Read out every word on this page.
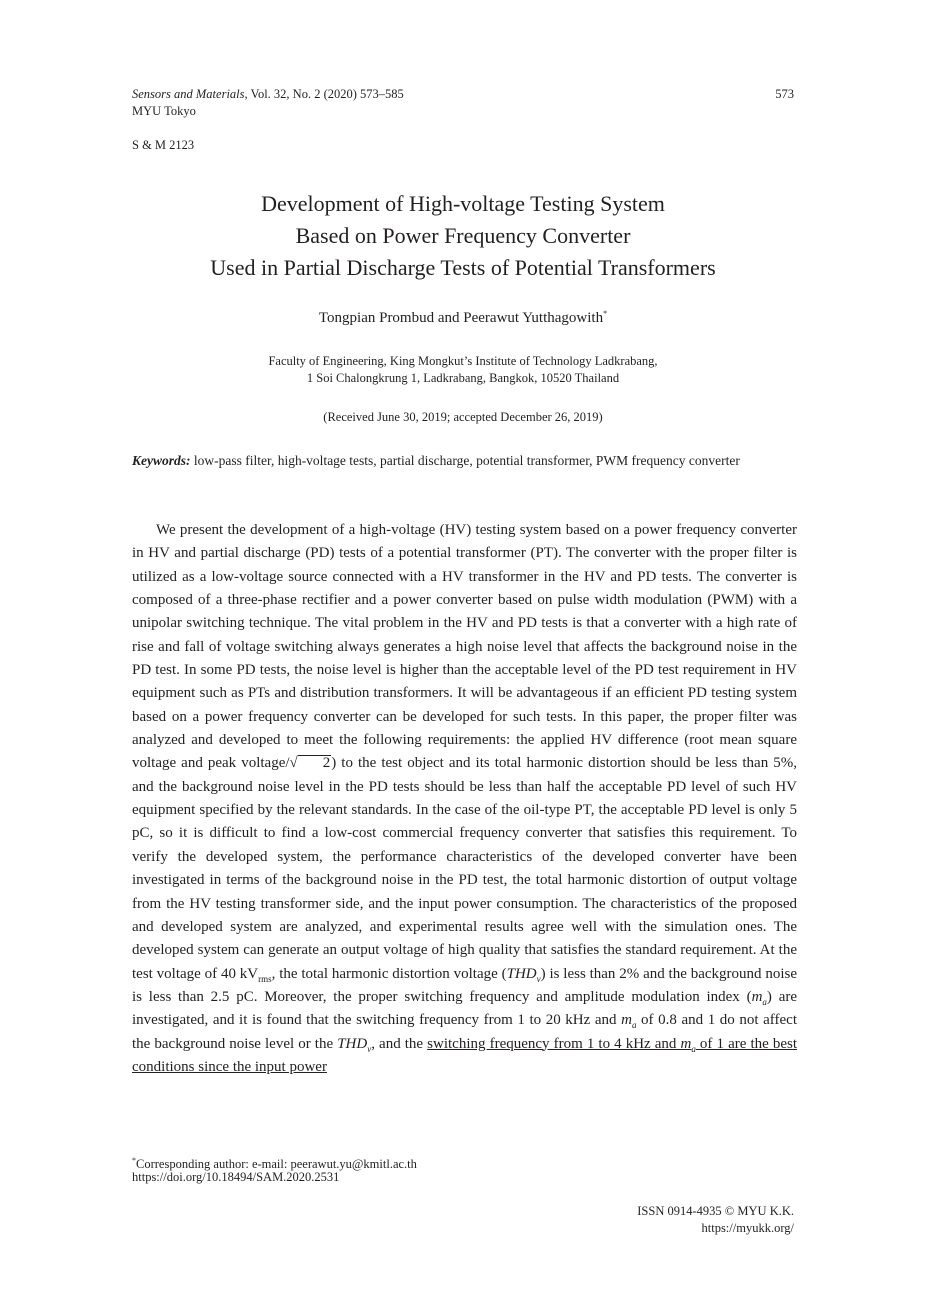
Sensors and Materials, Vol. 32, No. 2 (2020) 573–585	573
MYU Tokyo
S & M 2123
Development of High-voltage Testing System
Based on Power Frequency Converter
Used in Partial Discharge Tests of Potential Transformers
Tongpian Prombud and Peerawut Yutthagowith*
Faculty of Engineering, King Mongkut’s Institute of Technology Ladkrabang,
1 Soi Chalongkrung 1, Ladkrabang, Bangkok, 10520 Thailand
(Received June 30, 2019; accepted December 26, 2019)
Keywords: low-pass filter, high-voltage tests, partial discharge, potential transformer, PWM frequency converter

We present the development of a high-voltage (HV) testing system based on a power frequency converter in HV and partial discharge (PD) tests of a potential transformer (PT). The converter with the proper filter is utilized as a low-voltage source connected with a HV transformer in the HV and PD tests. The converter is composed of a three-phase rectifier and a power converter based on pulse width modulation (PWM) with a unipolar switching technique. The vital problem in the HV and PD tests is that a converter with a high rate of rise and fall of voltage switching always generates a high noise level that affects the background noise in the PD test. In some PD tests, the noise level is higher than the acceptable level of the PD test requirement in HV equipment such as PTs and distribution transformers. It will be advantageous if an efficient PD testing system based on a power frequency converter can be developed for such tests. In this paper, the proper filter was analyzed and developed to meet the following requirements: the applied HV difference (root mean square voltage and peak voltage/√ 2) to the test object and its total harmonic distortion should be less than 5%, and the background noise level in the PD tests should be less than half the acceptable PD level of such HV equipment specified by the relevant standards. In the case of the oil-type PT, the acceptable PD level is only 5 pC, so it is difficult to find a low-cost commercial frequency converter that satisfies this requirement. To verify the developed system, the performance characteristics of the developed converter have been investigated in terms of the background noise in the PD test, the total harmonic distortion of output voltage from the HV testing transformer side, and the input power consumption. The characteristics of the proposed and developed system are analyzed, and experimental results agree well with the simulation ones. The developed system can generate an output voltage of high quality that satisfies the standard requirement. At the test voltage of 40 $kV_{rms}$, the total harmonic distortion voltage $(THD_v)$ is less than 2% and the background noise is less than 2.5 pC. Moreover, the proper switching frequency and amplitude modulation index $(m_a)$ are investigated, and it is found that the switching frequency from 1 to 20 kHz and $m_a$ of 0.8 and 1 do not affect the background noise level or the $THD_v$, and the switching frequency from 1 to 4 kHz and $m_a$ of 1 are the best conditions since the input power

*Corresponding author: e-mail: peerawut.yu@kmitl.ac.th
https://doi.org/10.18494/SAM.2020.2531
ISSN 0914-4935 © MYU K.K.
https://myukk.org/
